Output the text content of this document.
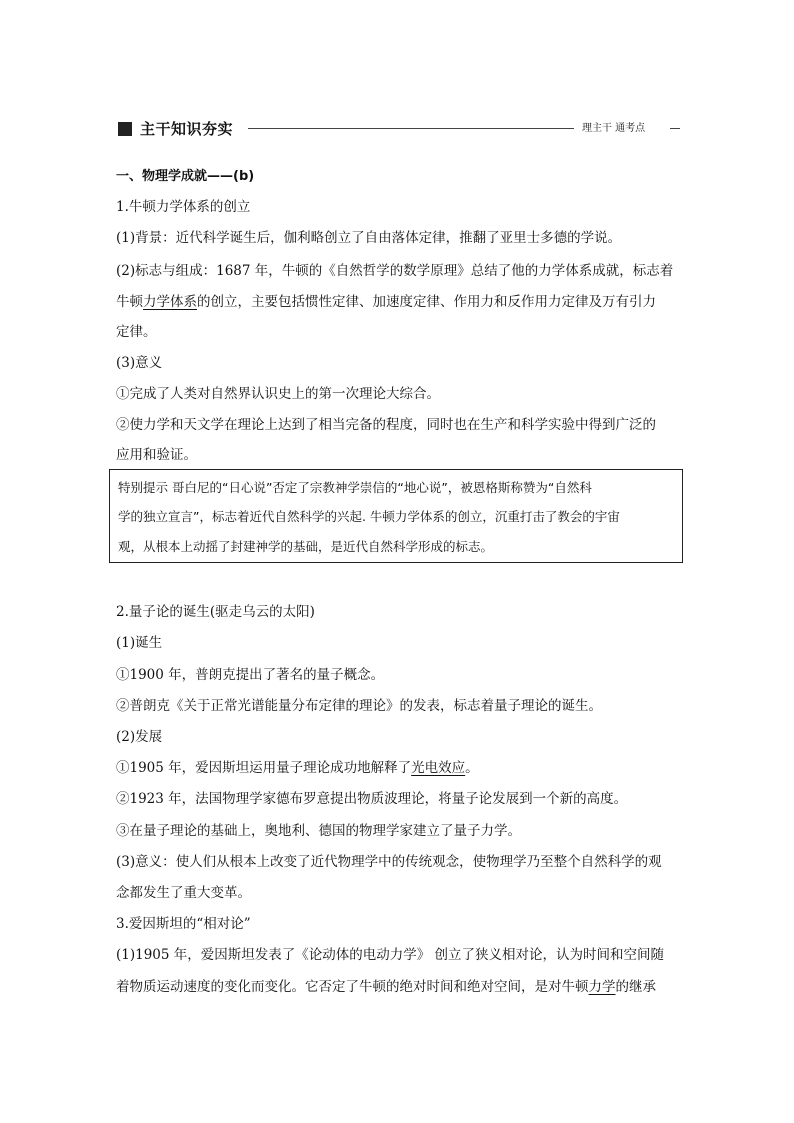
主干知识夯实	理主干 通考点
一、物理学成就——(b)
1.牛顿力学体系的创立
(1)背景：近代科学诞生后，伽利略创立了自由落体定律，推翻了亚里士多德的学说。
(2)标志与组成：1687 年，牛顿的《自然哲学的数学原理》总结了他的力学体系成就，标志着
牛顿力学体系的创立，主要包括惯性定律、加速度定律、作用力和反作用力定律及万有引力
定律。
(3)意义
①完成了人类对自然界认识史上的第一次理论大综合。
②使力学和天文学在理论上达到了相当完备的程度，同时也在生产和科学实验中得到广泛的
应用和验证。
特别提示 哥白尼的“日心说”否定了宗教神学崇信的“地心说”，被恩格斯称赞为“自然科
学的独立宣言”，标志着近代自然科学的兴起. 牛顿力学体系的创立，沉重打击了教会的宇宙
观，从根本上动摇了封建神学的基础，是近代自然科学形成的标志。
2.量子论的诞生(驱走乌云的太阳)
(1)诞生
①1900 年，普朗克提出了著名的量子概念。
②普朗克《关于正常光谱能量分布定律的理论》的发表，标志着量子理论的诞生。
(2)发展
①1905 年，爱因斯坦运用量子理论成功地解释了光电效应。
②1923 年，法国物理学家德布罗意提出物质波理论，将量子论发展到一个新的高度。
③在量子理论的基础上，奥地利、德国的物理学家建立了量子力学。
(3)意义：使人们从根本上改变了近代物理学中的传统观念，使物理学乃至整个自然科学的观
念都发生了重大变革。
3.爱因斯坦的“相对论”
(1)1905 年，爱因斯坦发表了《论动体的电动力学》 创立了狭义相对论，认为时间和空间随
着物质运动速度的变化而变化。它否定了牛顿的绝对时间和绝对空间，是对牛顿力学的继承
